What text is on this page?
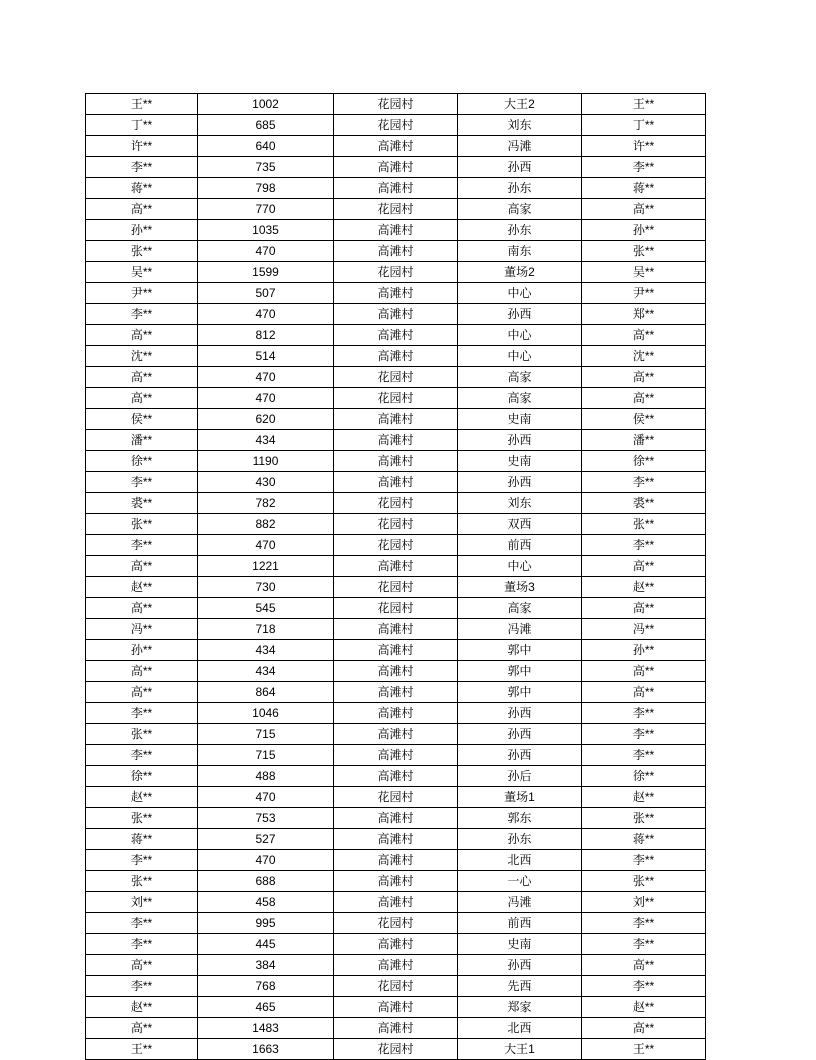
王**	1002	花园村	大王2	王**
丁**	685	花园村	刘东	丁**
许**	640	高滩村	冯滩	许**
李**	735	高滩村	孙西	李**
蒋**	798	高滩村	孙东	蒋**
高**	770	花园村	高家	高**
孙**	1035	高滩村	孙东	孙**
张**	470	高滩村	南东	张**
吴**	1599	花园村	董场2	吴**
尹**	507	高滩村	中心	尹**
李**	470	高滩村	孙西	郑**
高**	812	高滩村	中心	高**
沈**	514	高滩村	中心	沈**
高**	470	花园村	高家	高**
高**	470	花园村	高家	高**
侯**	620	高滩村	史南	侯**
潘**	434	高滩村	孙西	潘**
徐**	1190	高滩村	史南	徐**
李**	430	高滩村	孙西	李**
裘**	782	花园村	刘东	裘**
张**	882	花园村	双西	张**
李**	470	花园村	前西	李**
高**	1221	高滩村	中心	高**
赵**	730	花园村	董场3	赵**
高**	545	花园村	高家	高**
冯**	718	高滩村	冯滩	冯**
孙**	434	高滩村	郭中	孙**
高**	434	高滩村	郭中	高**
高**	864	高滩村	郭中	高**
李**	1046	高滩村	孙西	李**
张**	715	高滩村	孙西	李**
李**	715	高滩村	孙西	李**
徐**	488	高滩村	孙后	徐**
赵**	470	花园村	董场1	赵**
张**	753	高滩村	郭东	张**
蒋**	527	高滩村	孙东	蒋**
李**	470	高滩村	北西	李**
张**	688	高滩村	一心	张**
刘**	458	高滩村	冯滩	刘**
李**	995	花园村	前西	李**
李**	445	高滩村	史南	李**
高**	384	高滩村	孙西	高**
李**	768	花园村	先西	李**
赵**	465	高滩村	郑家	赵**
高**	1483	高滩村	北西	高**
王**	1663	花园村	大王1	王**
